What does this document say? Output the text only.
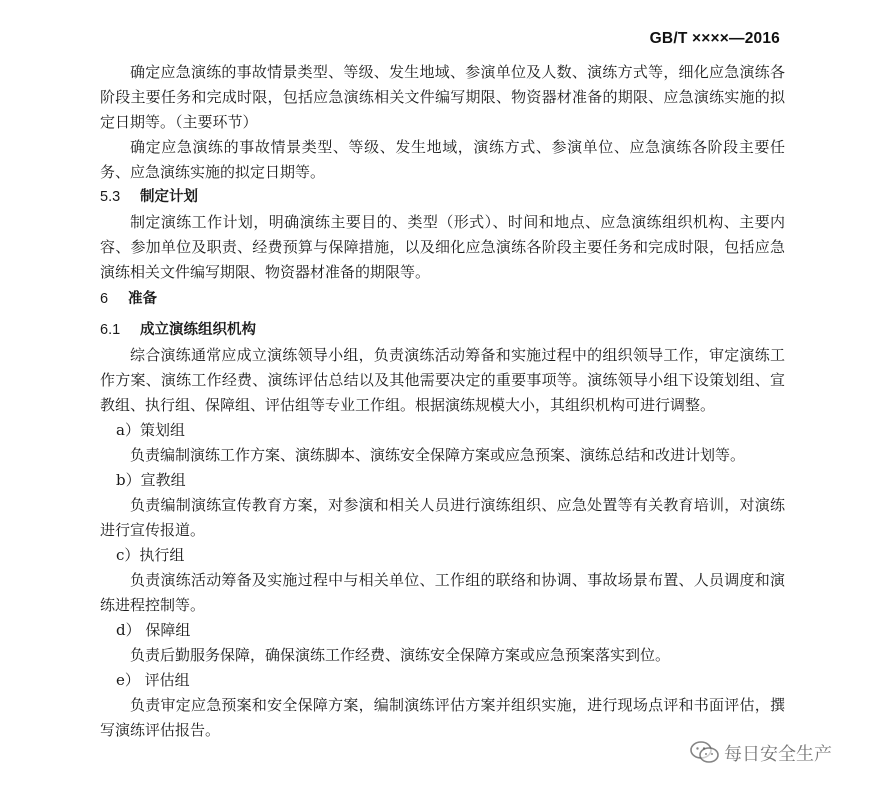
GB/T ××××—2016

确定应急演练的事故情景类型、等级、发生地域、参演单位及人数、演练方式等，细化应急演练各阶段主要任务和完成时限，包括应急演练相关文件编写期限、物资器材准备的期限、应急演练实施的拟定日期等。（主要环节）

确定应急演练的事故情景类型、等级、发生地域，演练方式、参演单位、应急演练各阶段主要任务、应急演练实施的拟定日期等。

5.3 制定计划

制定演练工作计划，明确演练主要目的、类型（形式）、时间和地点、应急演练组织机构、主要内容、参加单位及职责、经费预算与保障措施，以及细化应急演练各阶段主要任务和完成时限，包括应急演练相关文件编写期限、物资器材准备的期限等。

6 准备

6.1 成立演练组织机构

综合演练通常应成立演练领导小组，负责演练活动筹备和实施过程中的组织领导工作，审定演练工作方案、演练工作经费、演练评估总结以及其他需要决定的重要事项等。演练领导小组下设策划组、宣教组、执行组、保障组、评估组等专业工作组。根据演练规模大小，其组织机构可进行调整。

a）策划组

负责编制演练工作方案、演练脚本、演练安全保障方案或应急预案、演练总结和改进计划等。

b）宣教组

负责编制演练宣传教育方案，对参演和相关人员进行演练组织、应急处置等有关教育培训，对演练进行宣传报道。

c）执行组

负责演练活动筹备及实施过程中与相关单位、工作组的联络和协调、事故场景布置、人员调度和演练进程控制等。

d） 保障组

负责后勤服务保障，确保演练工作经费、演练安全保障方案或应急预案落实到位。

e） 评估组

负责审定应急预案和安全保障方案，编制演练评估方案并组织实施，进行现场点评和书面评估，撰写演练评估报告。

每日安全生产
